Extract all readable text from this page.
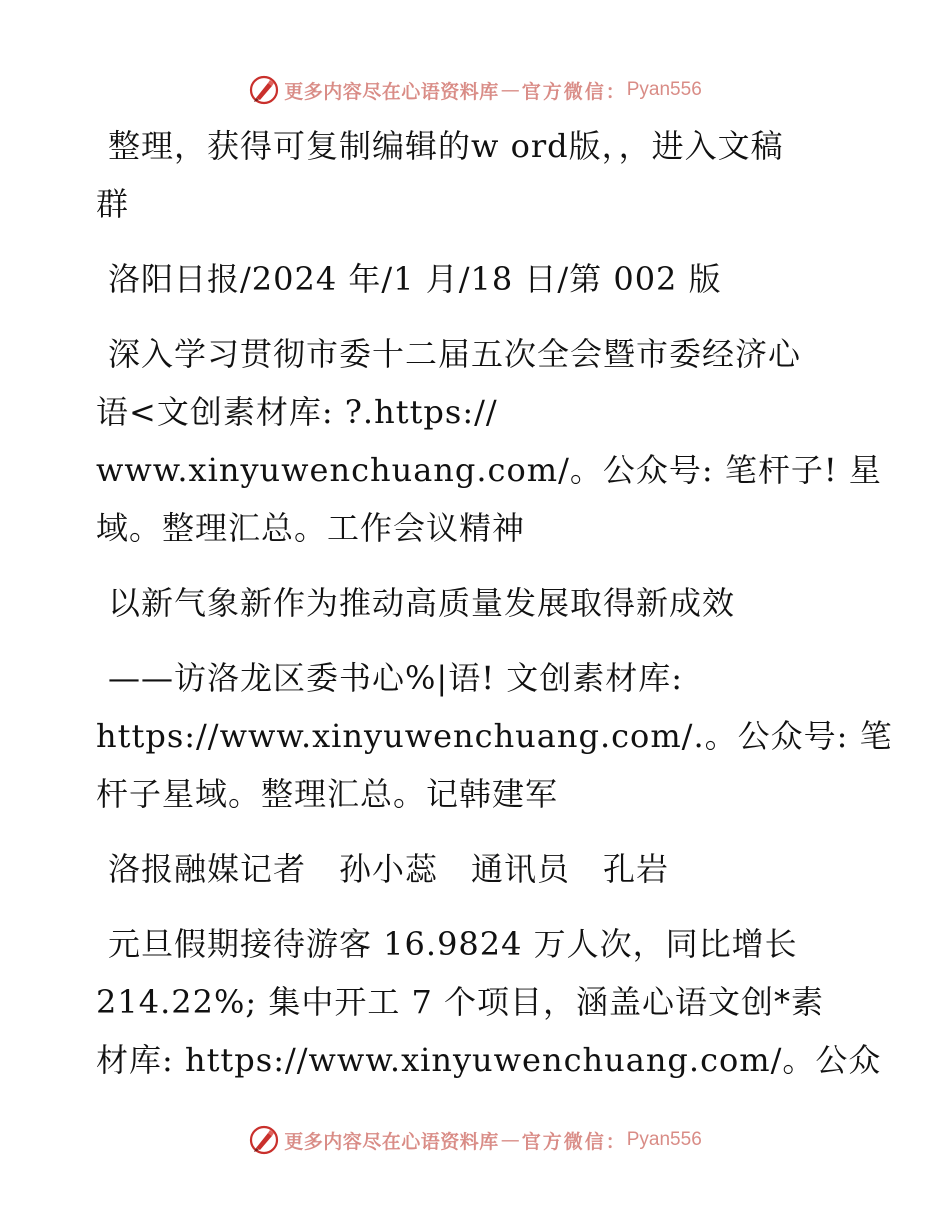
更多内容尽在心语资料库 — 官方微信： Pyan556
整理，获得可复制编辑的w ord版，，进入文稿
群
洛阳日报/2024 年/1 月/18 日/第 002 版
深入学习贯彻市委十二届五次全会暨市委经济心
语<文创素材库: ?.https://
www.xinyuwenchuang.com/。公众号: 笔杆子! 星
域。整理汇总。工作会议精神
以新气象新作为推动高质量发展取得新成效
——访洛龙区委书心%|语! 文创素材库:
https://www.xinyuwenchuang.com/.。公众号: 笔
杆子星域。整理汇总。记韩建军
洛报融媒记者　孙小蕊　通讯员　孔岩
元旦假期接待游客 16.9824 万人次，同比增长
214.22%; 集中开工 7 个项目，涵盖心语文创*素
材库: https://www.xinyuwenchuang.com/。公众
更多内容尽在心语资料库 — 官方微信： Pyan556
